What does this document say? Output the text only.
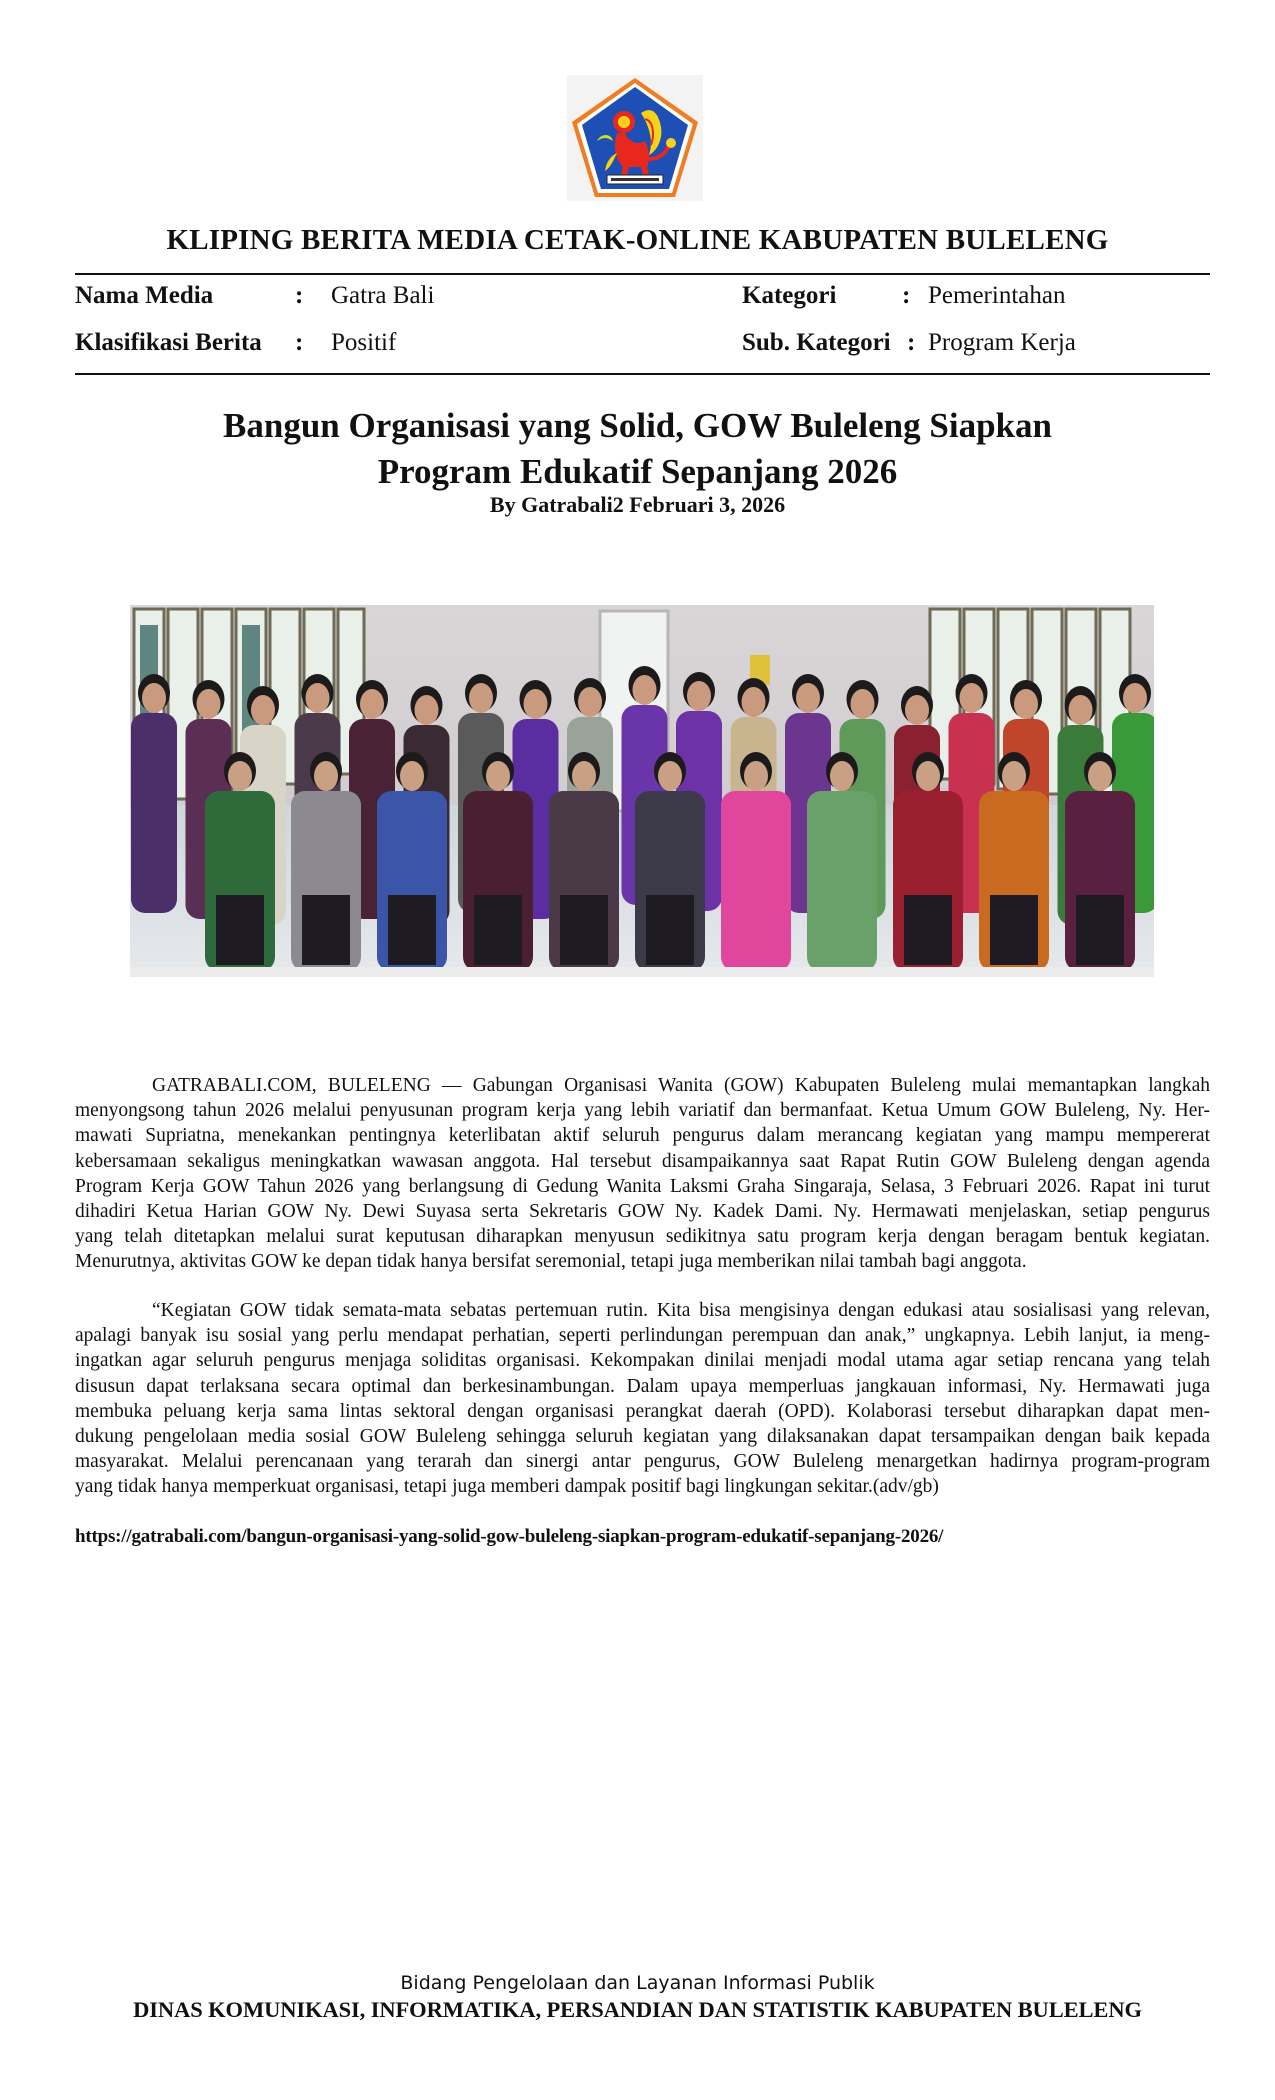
KLIPING BERITA MEDIA CETAK-ONLINE KABUPATEN BULELENG
Nama Media	: Gatra Bali
Klasifikasi Berita : Positif
Kategori	: Pemerintahan
Sub. Kategori : Program Kerja
Bangun Organisasi yang Solid, GOW Buleleng Siapkan
Program Edukatif Sepanjang 2026
By Gatrabali2 Februari 3, 2026
GATRABALI.COM, BULELENG — Gabungan Organisasi Wanita (GOW) Kabupaten Buleleng mulai memantapkan langkah
menyongsong tahun 2026 melalui penyusunan program kerja yang lebih variatif dan bermanfaat. Ketua Umum GOW Buleleng, Ny. Her-
mawati Supriatna, menekankan pentingnya keterlibatan aktif seluruh pengurus dalam merancang kegiatan yang mampu mempererat
kebersamaan sekaligus meningkatkan wawasan anggota. Hal tersebut disampaikannya saat Rapat Rutin GOW Buleleng dengan agenda
Program Kerja GOW Tahun 2026 yang berlangsung di Gedung Wanita Laksmi Graha Singaraja, Selasa, 3 Februari 2026. Rapat ini turut
dihadiri Ketua Harian GOW Ny. Dewi Suyasa serta Sekretaris GOW Ny. Kadek Dami. Ny. Hermawati menjelaskan, setiap pengurus
yang telah ditetapkan melalui surat keputusan diharapkan menyusun sedikitnya satu program kerja dengan beragam bentuk kegiatan.
Menurutnya, aktivitas GOW ke depan tidak hanya bersifat seremonial, tetapi juga memberikan nilai tambah bagi anggota.
“Kegiatan GOW tidak semata-mata sebatas pertemuan rutin. Kita bisa mengisinya dengan edukasi atau sosialisasi yang relevan,
apalagi banyak isu sosial yang perlu mendapat perhatian, seperti perlindungan perempuan dan anak,” ungkapnya. Lebih lanjut, ia meng-
ingatkan agar seluruh pengurus menjaga soliditas organisasi. Kekompakan dinilai menjadi modal utama agar setiap rencana yang telah
disusun dapat terlaksana secara optimal dan berkesinambungan. Dalam upaya memperluas jangkauan informasi, Ny. Hermawati juga
membuka peluang kerja sama lintas sektoral dengan organisasi perangkat daerah (OPD). Kolaborasi tersebut diharapkan dapat men-
dukung pengelolaan media sosial GOW Buleleng sehingga seluruh kegiatan yang dilaksanakan dapat tersampaikan dengan baik kepada
masyarakat. Melalui perencanaan yang terarah dan sinergi antar pengurus, GOW Buleleng menargetkan hadirnya program-program
yang tidak hanya memperkuat organisasi, tetapi juga memberi dampak positif bagi lingkungan sekitar.(adv/gb)
https://gatrabali.com/bangun-organisasi-yang-solid-gow-buleleng-siapkan-program-edukatif-sepanjang-2026/
Bidang Pengelolaan dan Layanan Informasi Publik
DINAS KOMUNIKASI, INFORMATIKA, PERSANDIAN DAN STATISTIK KABUPATEN BULELENG
